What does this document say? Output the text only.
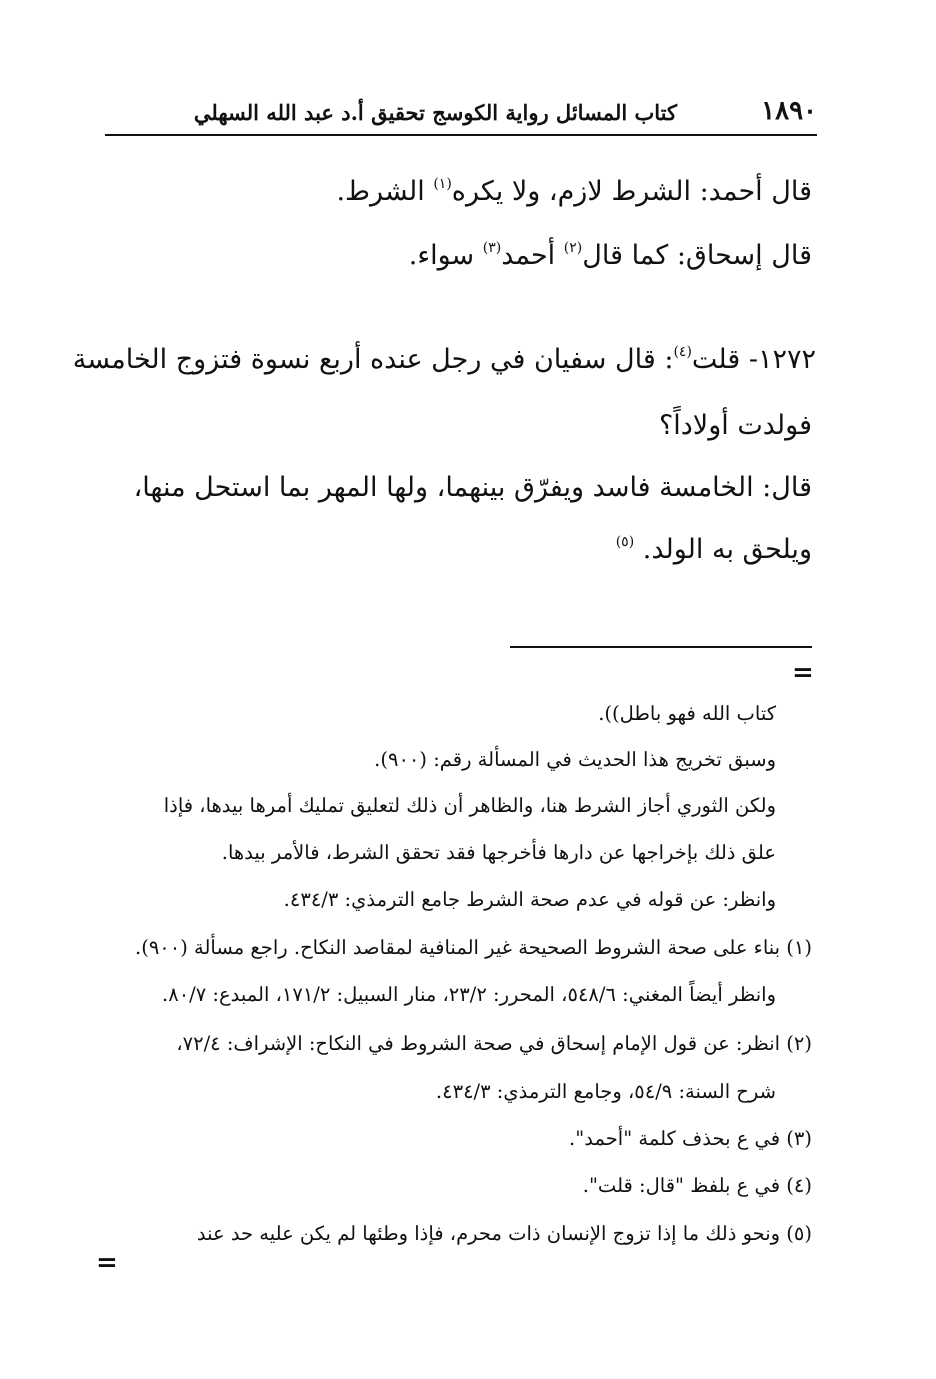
١٨٩٠
كتاب المسائل رواية الكوسج تحقيق أ.د عبد الله السهلي
قال أحمد: الشرط لازم، ولا يكره$^{(١)}$ الشرط.
قال إسحاق: كما قال$^{(٢)}$ أحمد$^{(٣)}$ سواء.
١٢٧٢- قلت$^{(٤)}$: قال سفيان في رجل عنده أربع نسوة فتزوج الخامسة
فولدت أولاداً؟
قال: الخامسة فاسد ويفرّق بينهما، ولها المهر بما استحل منها،
ويلحق به الولد. $^{(٥)}$
=
كتاب الله فهو باطل)).
وسبق تخريج هذا الحديث في المسألة رقم: (٩٠٠).
ولكن الثوري أجاز الشرط هنا، والظاهر أن ذلك لتعليق تمليك أمرها بيدها، فإذا
علق ذلك بإخراجها عن دارها فأخرجها فقد تحقق الشرط، فالأمر بيدها.
وانظر: عن قوله في عدم صحة الشرط جامع الترمذي: ٤٣٤/٣.
(١) بناء على صحة الشروط الصحيحة غير المنافية لمقاصد النكاح. راجع مسألة (٩٠٠).
وانظر أيضاً المغني: ٥٤٨/٦، المحرر: ٢٣/٢، منار السبيل: ١٧١/٢، المبدع: ٨٠/٧.
(٢) انظر: عن قول الإمام إسحاق في صحة الشروط في النكاح: الإشراف: ٧٢/٤،
شرح السنة: ٥٤/٩، وجامع الترمذي: ٤٣٤/٣.
(٣) في ع بحذف كلمة "أحمد".
(٤) في ع بلفظ "قال: قلت".
(٥) ونحو ذلك ما إذا تزوج الإنسان ذات محرم، فإذا وطئها لم يكن عليه حد عند
=
